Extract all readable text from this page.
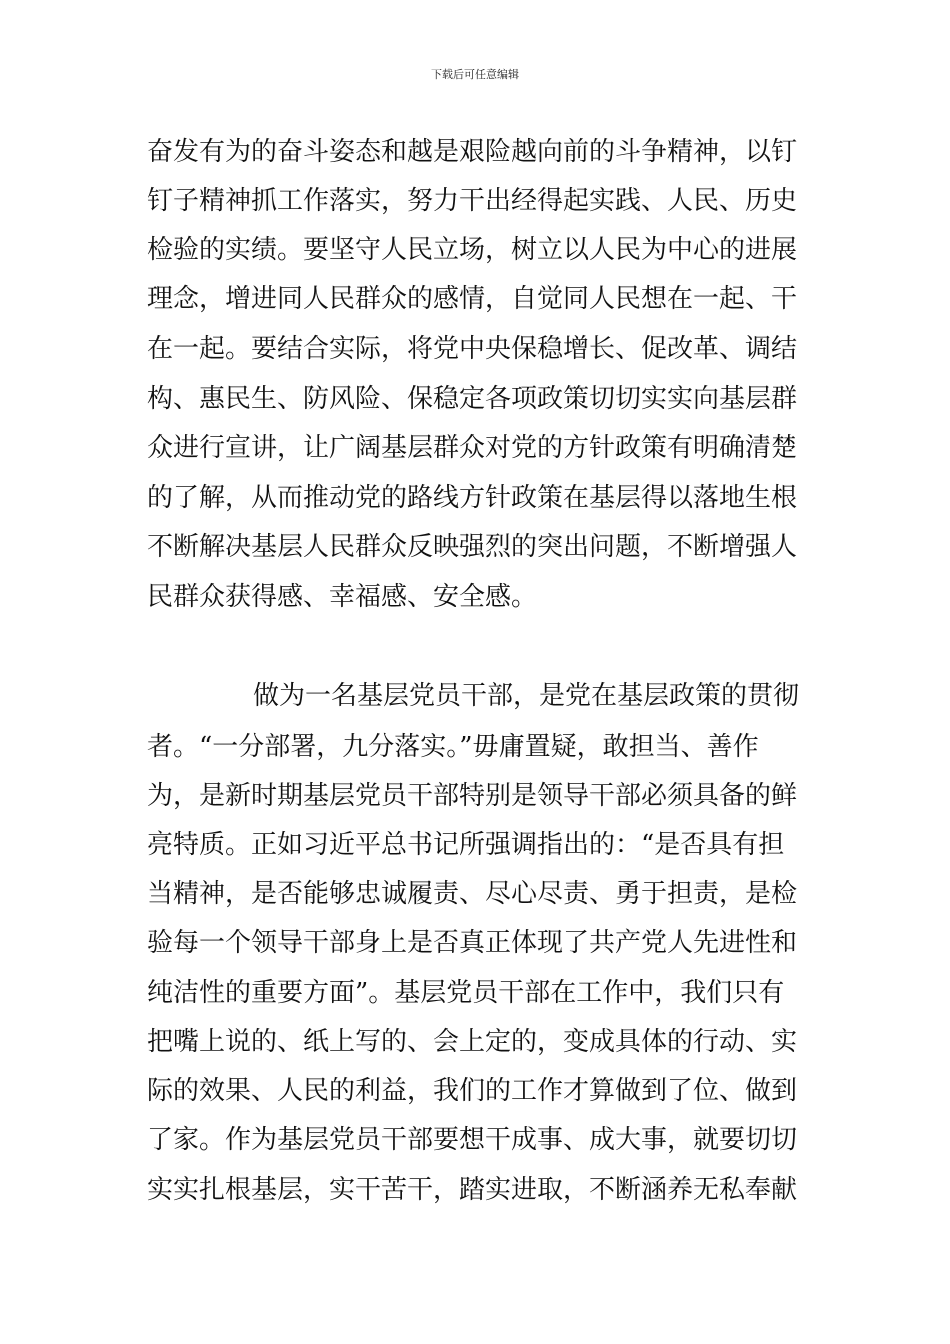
下载后可任意编辑
奋发有为的奋斗姿态和越是艰险越向前的斗争精神，以钉
钉子精神抓工作落实，努力干出经得起实践、人民、历史
检验的实绩。要坚守人民立场，树立以人民为中心的进展
理念，增进同人民群众的感情，自觉同人民想在一起、干
在一起。要结合实际，将党中央保稳增长、促改革、调结
构、惠民生、防风险、保稳定各项政策切切实实向基层群
众进行宣讲，让广阔基层群众对党的方针政策有明确清楚
的了解，从而推动党的路线方针政策在基层得以落地生根
不断解决基层人民群众反映强烈的突出问题，不断增强人
民群众获得感、幸福感、安全感。
做为一名基层党员干部，是党在基层政策的贯彻
者。“一分部署，九分落实。”毋庸置疑，敢担当、善作
为，是新时期基层党员干部特别是领导干部必须具备的鲜
亮特质。正如习近平总书记所强调指出的：“是否具有担
当精神，是否能够忠诚履责、尽心尽责、勇于担责，是检
验每一个领导干部身上是否真正体现了共产党人先进性和
纯洁性的重要方面”。基层党员干部在工作中，我们只有
把嘴上说的、纸上写的、会上定的，变成具体的行动、实
际的效果、人民的利益，我们的工作才算做到了位、做到
了家。作为基层党员干部要想干成事、成大事，就要切切
实实扎根基层，实干苦干，踏实进取，不断涵养无私奉献
